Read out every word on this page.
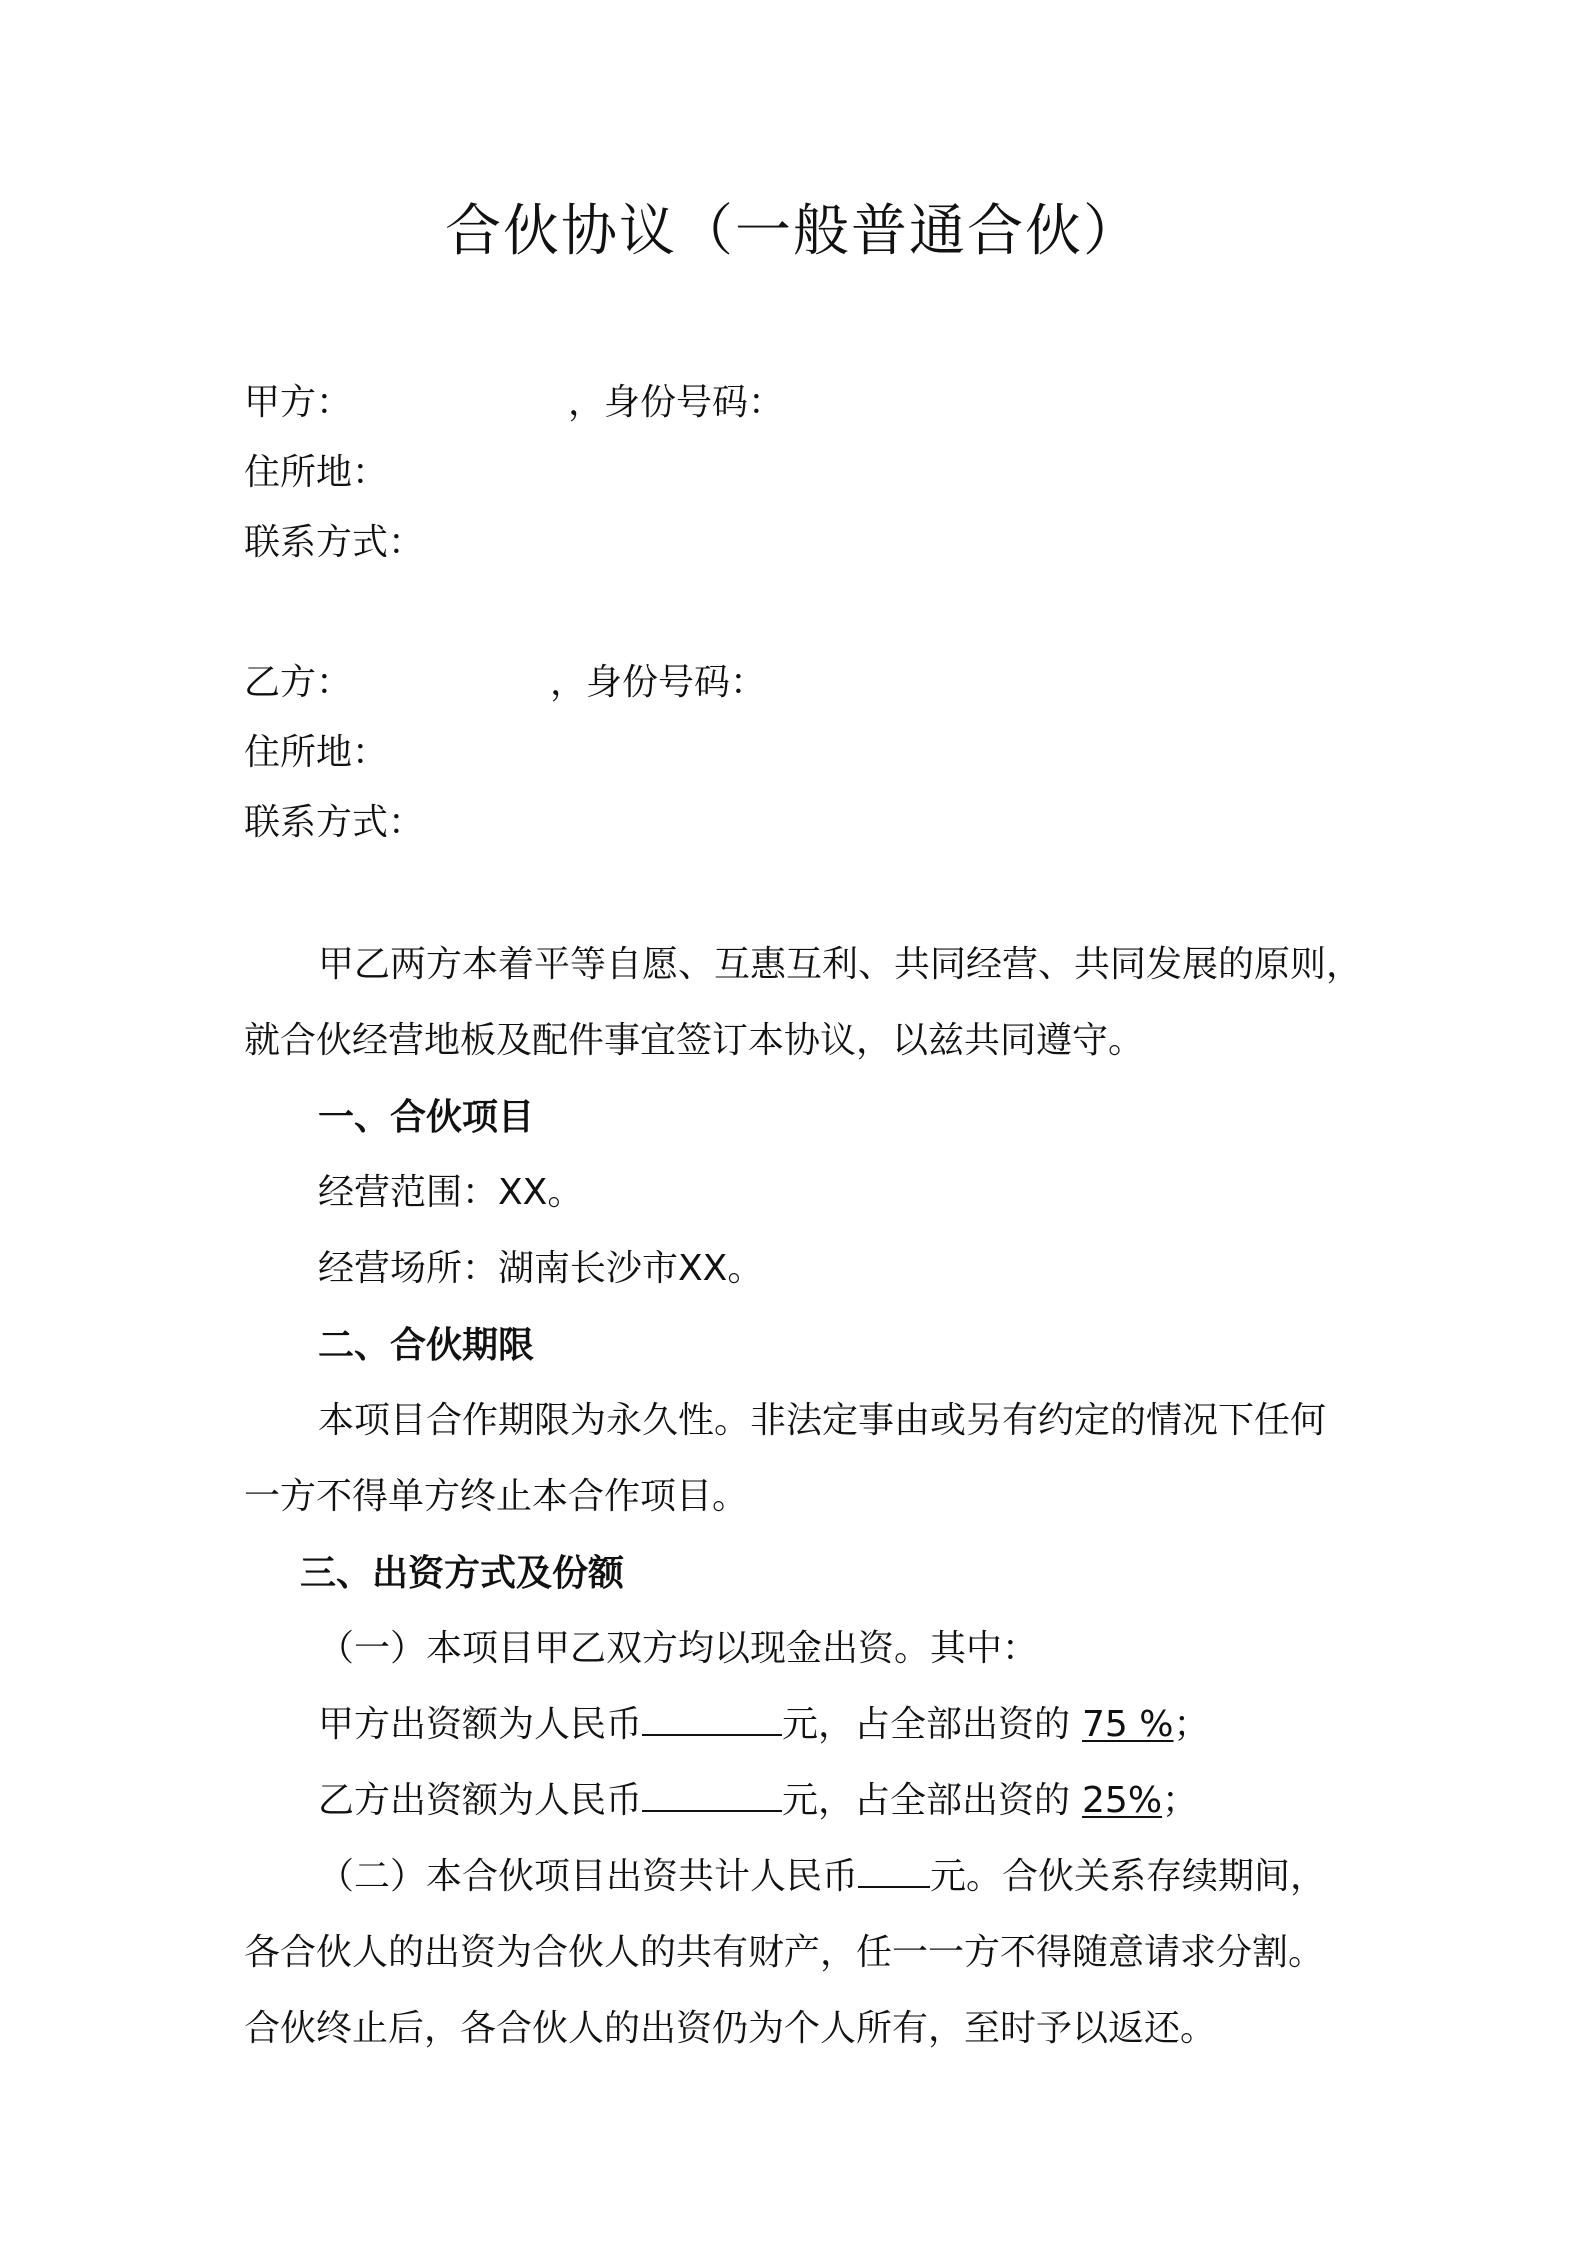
合伙协议（一般普通合伙）
甲方：	，身份号码：
住所地：
联系方式：
乙方：	，身份号码：
住所地：
联系方式：
甲乙两方本着平等自愿、互惠互利、共同经营、共同发展的原则，
就合伙经营地板及配件事宜签订本协议，以兹共同遵守。
一、合伙项目
经营范围：XX。
经营场所：湖南长沙市XX。
二、合伙期限
本项目合作期限为永久性。非法定事由或另有约定的情况下任何
一方不得单方终止本合作项目。
三、出资方式及份额
（一）本项目甲乙双方均以现金出资。其中：
甲方出资额为人民币	元，占全部出资的 75 %；
乙方出资额为人民币	元，占全部出资的 25%；
（二）本合伙项目出资共计人民币 元。合伙关系存续期间，
各合伙人的出资为合伙人的共有财产，任一一方不得随意请求分割。
合伙终止后，各合伙人的出资仍为个人所有，至时予以返还。
